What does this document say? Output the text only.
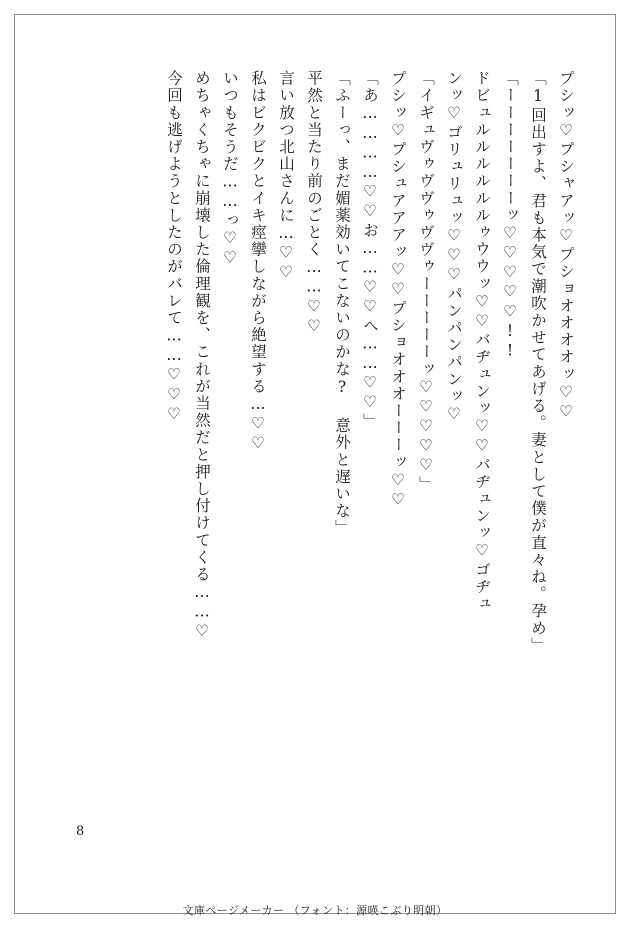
プシッ♡プシャアッ♡プショオオオオッ♡♡
「1回出すよ、君も本気で潮吹かせてあげる。妻として僕が直々ね。孕め」
「ーーーーーーーッ♡♡♡♡♡!!
ドビュルルルルルルゥウウッ♡♡バヂュンッ♡♡バヂュンッ♡ゴヂュ
ンッ♡ゴリュリュッ♡♡♡パンパンパンッ♡
「イギュヴゥヴヴゥヴヴゥーーーーーッ♡♡♡♡♡」
プシッ♡プシュアアアッ♡♡プショオオオーーーッ♡♡
「あ…………♡♡お……♡♡へ……♡♡」
「ふーっ、まだ媚薬効いてこないのかな? 意外と遅いな」
平然と当たり前のごとく……♡♡
言い放つ北山さんに…♡♡
私はビクビクとイキ痙攣しながら絶望する…♡♡
いつもそうだ……っ♡♡
めちゃくちゃに崩壊した倫理観を、これが当然だと押し付けてくる……♡
今回も逃げようとしたのがバレて……♡♡♡
8
文庫ページメーカー （フォント：源暎こぶり明朝）
